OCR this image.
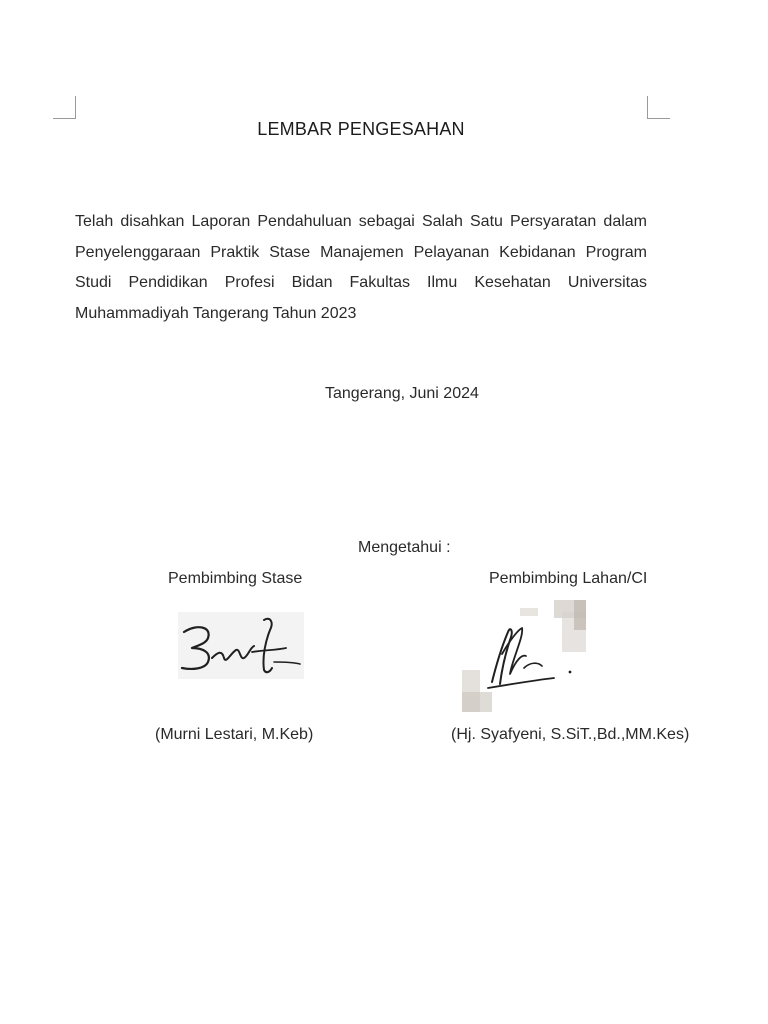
LEMBAR PENGESAHAN
Telah disahkan Laporan Pendahuluan sebagai Salah Satu Persyaratan dalam Penyelenggaraan Praktik Stase Manajemen Pelayanan Kebidanan Program Studi Pendidikan Profesi Bidan Fakultas Ilmu Kesehatan Universitas Muhammadiyah Tangerang Tahun 2023
Tangerang, Juni 2024
Mengetahui :
Pembimbing Stase	Pembimbing Lahan/CI
(Murni Lestari, M.Keb)	(Hj. Syafyeni, S.SiT.,Bd.,MM.Kes)
